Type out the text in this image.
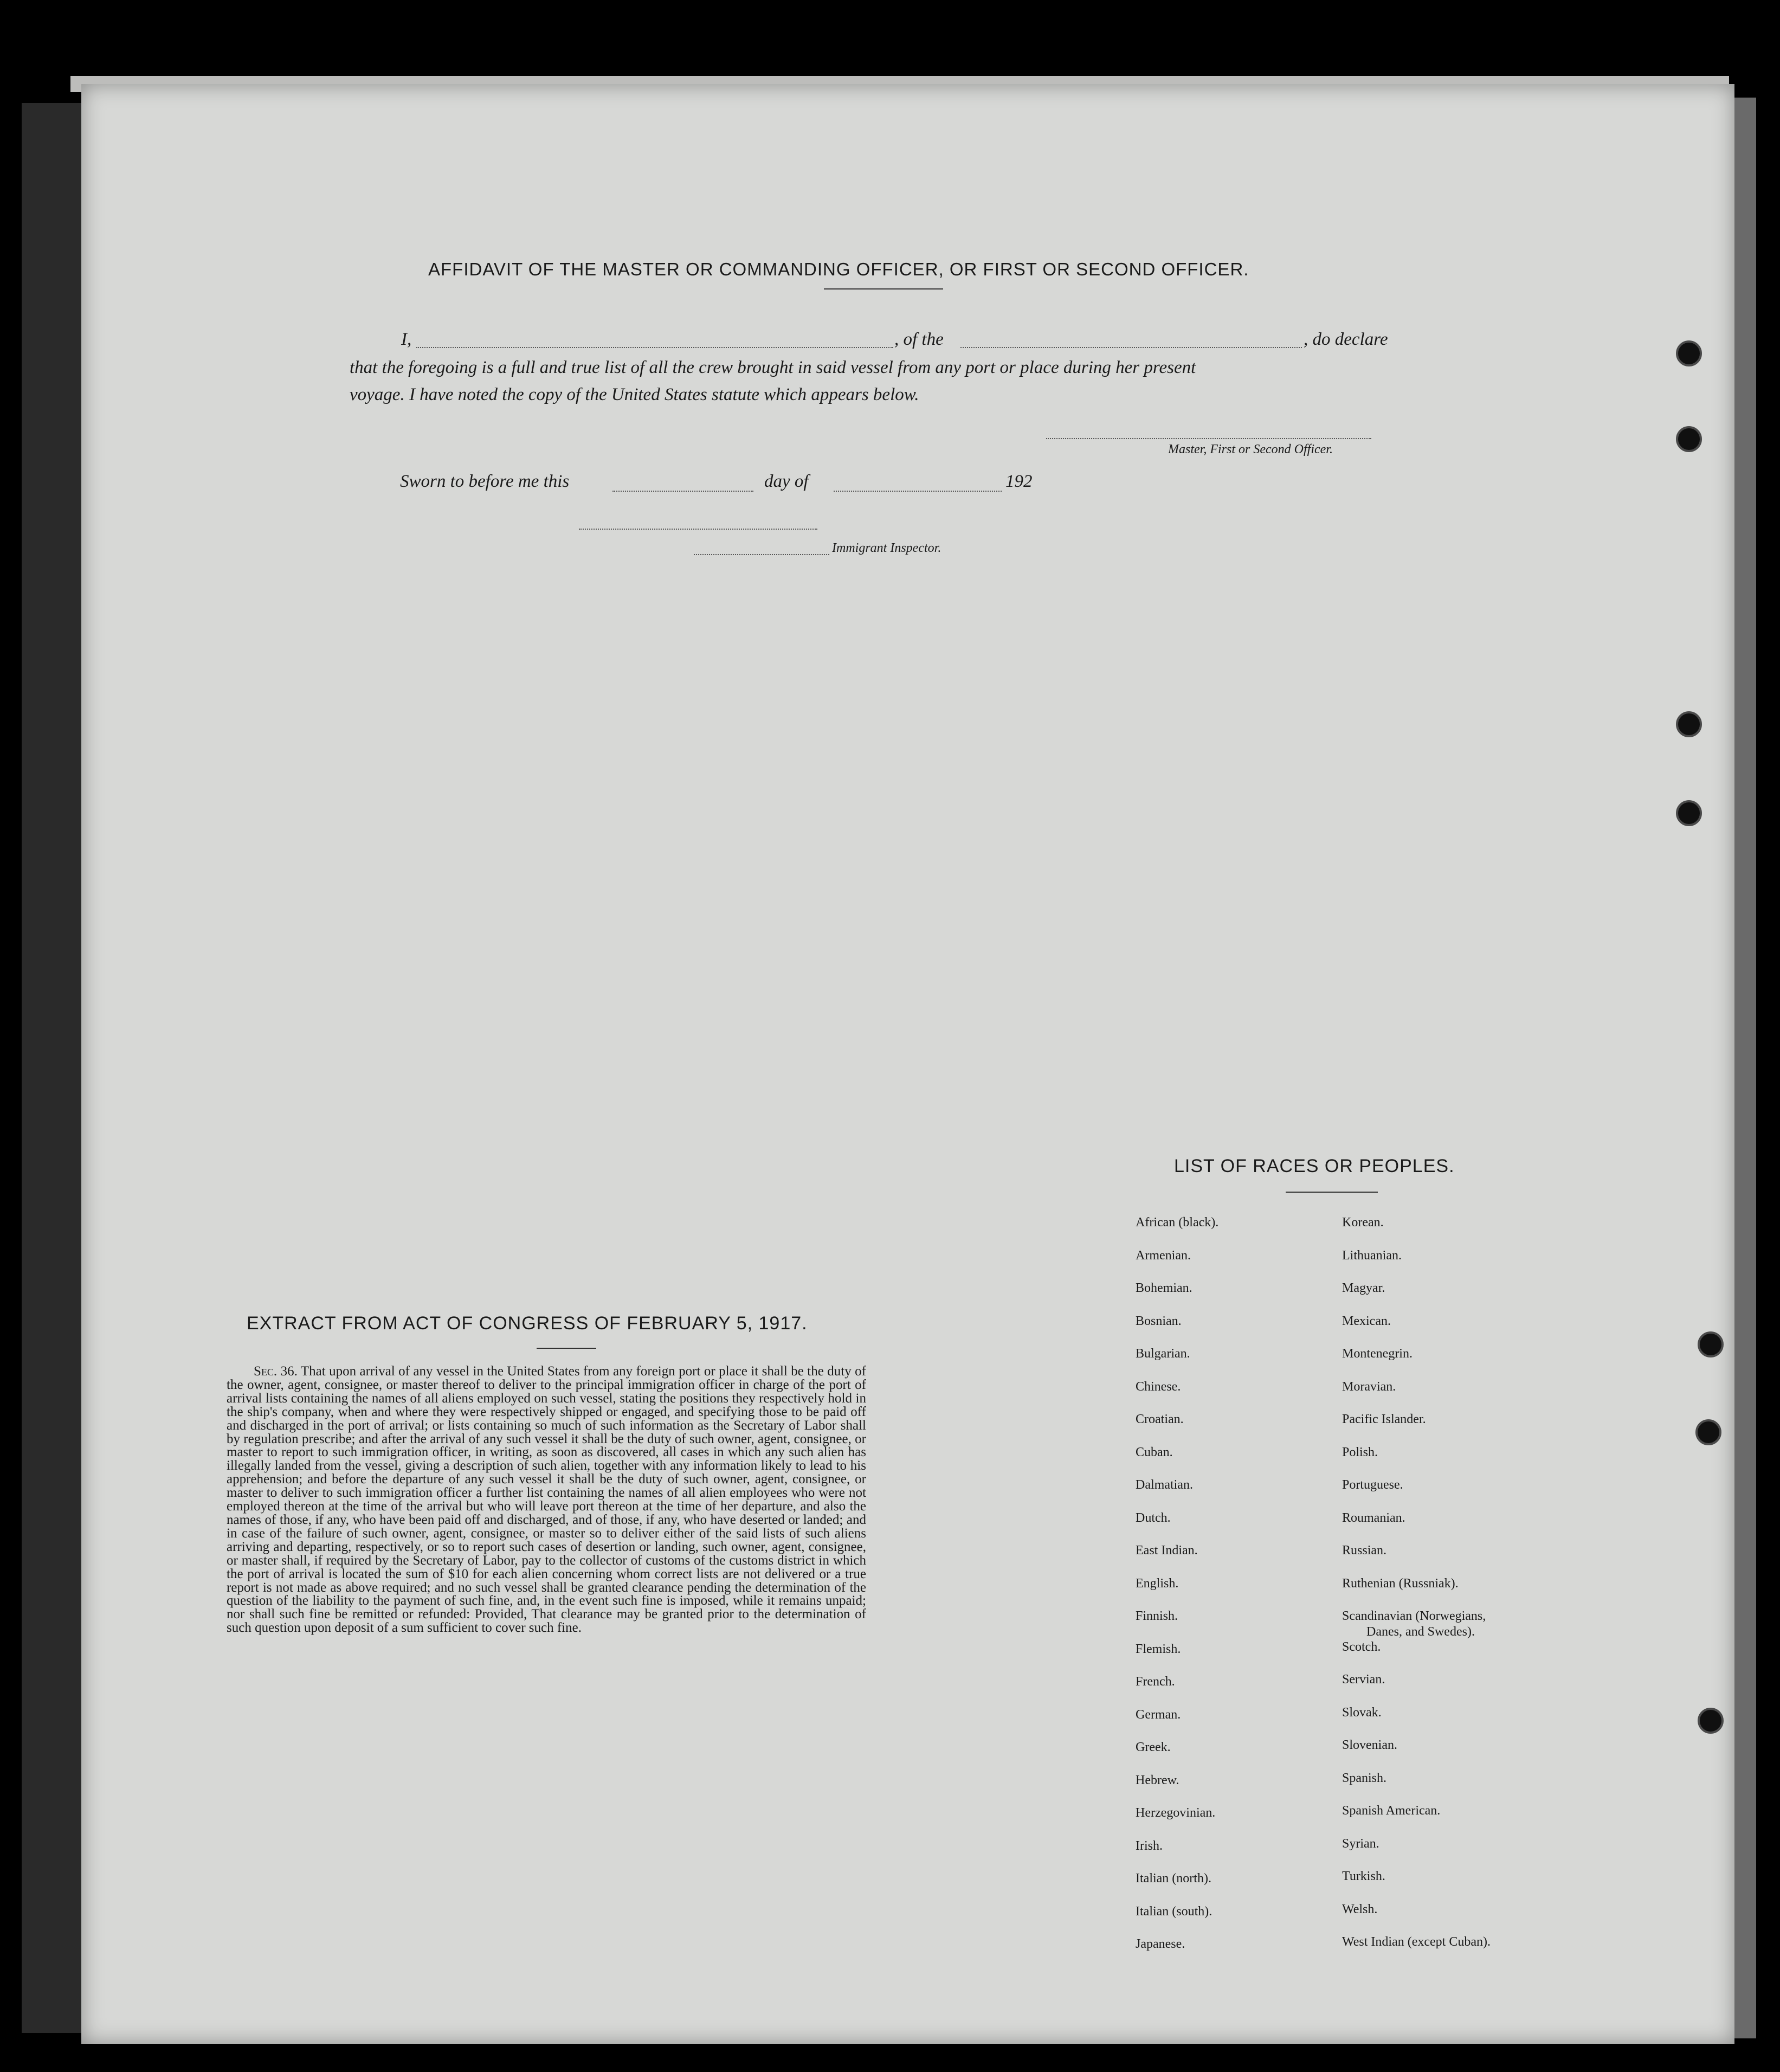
AFFIDAVIT OF THE MASTER OR COMMANDING OFFICER, OR FIRST OR SECOND OFFICER.
I,	, of the	, do declare
that the foregoing is a full and true list of all the crew brought in said vessel from any port or place during her present
voyage. I have noted the copy of the United States statute which appears below.
Master, First or Second Officer.
Sworn to before me this	day of	192
Immigrant Inspector.
LIST OF RACES OR PEOPLES.
African (black).
Armenian.
Bohemian.
Bosnian.
Bulgarian.
Chinese.
Croatian.
Cuban.
Dalmatian.
Dutch.
East Indian.
English.
Finnish.
Flemish.
French.
German.
Greek.
Hebrew.
Herzegovinian.
Irish.
Italian (north).
Italian (south).
Japanese.
Korean.
Lithuanian.
Magyar.
Mexican.
Montenegrin.
Moravian.
Pacific Islander.
Polish.
Portuguese.
Roumanian.
Russian.
Ruthenian (Russniak).
Scandinavian (Norwegians,
Danes, and Swedes).
Scotch.
Servian.
Slovak.
Slovenian.
Spanish.
Spanish American.
Syrian.
Turkish.
Welsh.
West Indian (except Cuban).
EXTRACT FROM ACT OF CONGRESS OF FEBRUARY 5, 1917.
Sec. 36. That upon arrival of any vessel in the United States from any foreign port or place it shall be the duty of the owner, agent, consignee, or master thereof to deliver to the principal immigration officer in charge of the port of arrival lists containing the names of all aliens employed on such vessel, stating the positions they respectively hold in the ship's company, when and where they were respectively shipped or engaged, and specifying those to be paid off and discharged in the port of arrival; or lists containing so much of such information as the Secretary of Labor shall by regulation prescribe; and after the arrival of any such vessel it shall be the duty of such owner, agent, consignee, or master to report to such immigration officer, in writing, as soon as discovered, all cases in which any such alien has illegally landed from the vessel, giving a description of such alien, together with any information likely to lead to his apprehension; and before the departure of any such vessel it shall be the duty of such owner, agent, consignee, or master to deliver to such immigration officer a further list containing the names of all alien employees who were not employed thereon at the time of the arrival but who will leave port thereon at the time of her departure, and also the names of those, if any, who have been paid off and discharged, and of those, if any, who have deserted or landed; and in case of the failure of such owner, agent, consignee, or master so to deliver either of the said lists of such aliens arriving and departing, respectively, or so to report such cases of desertion or landing, such owner, agent, consignee, or master shall, if required by the Secretary of Labor, pay to the collector of customs of the customs district in which the port of arrival is located the sum of $10 for each alien concerning whom correct lists are not delivered or a true report is not made as above required; and no such vessel shall be granted clearance pending the determination of the question of the liability to the payment of such fine, and, in the event such fine is imposed, while it remains unpaid; nor shall such fine be remitted or refunded: Provided, That clearance may be granted prior to the determination of such question upon deposit of a sum sufficient to cover such fine.
